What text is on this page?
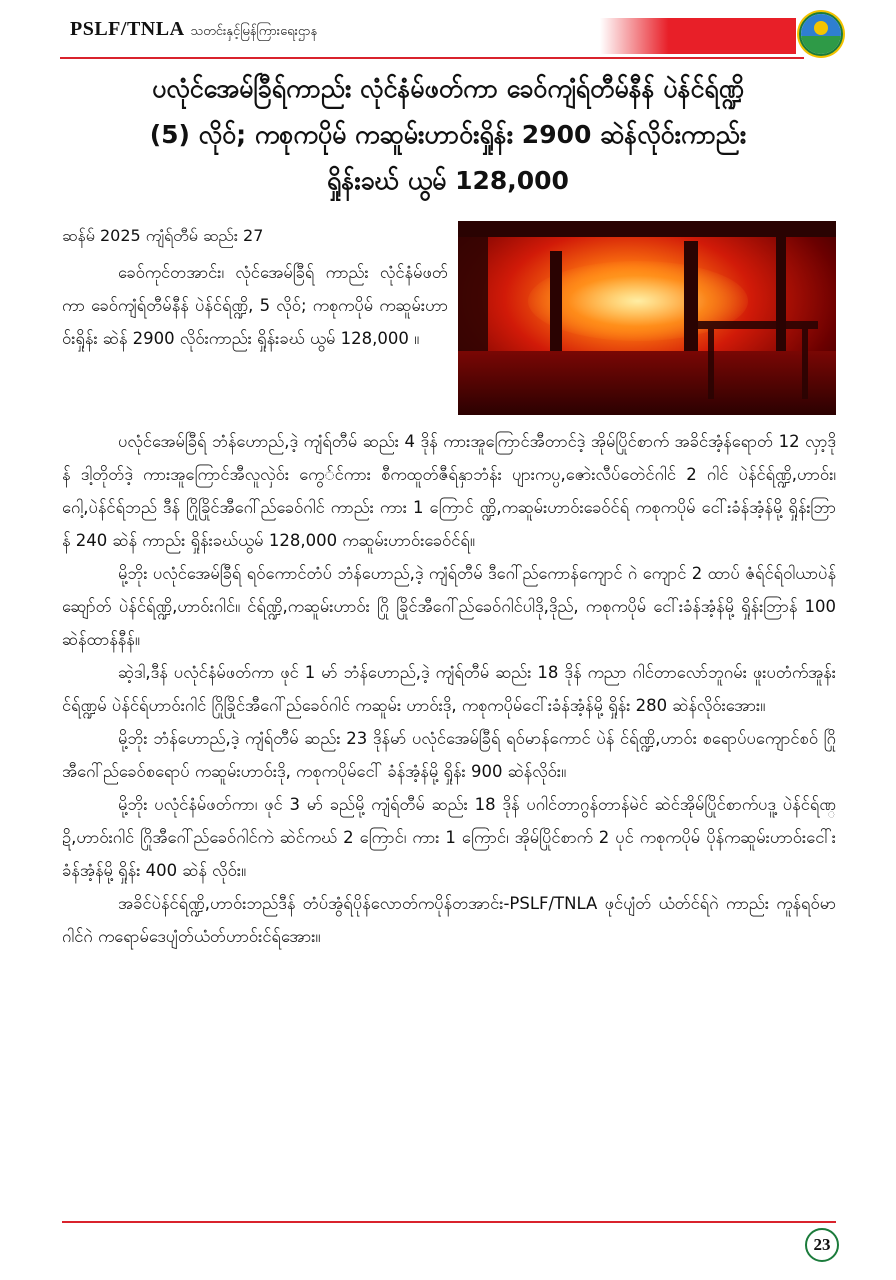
PSLF/TNLA သတင်းနှင့်မြန်ကြားရေးဌာန
ပလုံင်အေမ်ခြီရ်ကာည်း လုံင်နံမ်ဖတ်ကာ ခေဝ်ကျံရ်တီမ်နီန် ပဲန်င်ရ်ဏ္ဍိ
(5) လိုဝ်; ကစုကပိုမ် ကဆူမ်းဟာဝ်းရှိုန်း 2900 ဆဲန်လိုဝ်းကာည်း
ရှိုန်းခဃ် ယွမ် 128,000
ဆန်မ် 2025 ကျံရ်တီမ် ဆည်း 27
ခေဝ်ကုင်တအာင်း၊ လုံင်အေမ်ခြီရ် ကာည်း လုံင်နံမ်ဖတ်ကာ ခေဝ်ကျံရ်တီမ်နီန် ပဲန်င်ရ်ဏ္ဍိ, 5 လိုဝ်; ကစုကပိုမ် ကဆူမ်းဟာဝ်းရှိုန်း ဆဲန် 2900 လိုဝ်းကာည်း ရှိုန်းခဃ် ယွမ် 128,000 ။

ပလုံင်အေမ်ခြီရ် ဘံန်ဟောည်,ဒဲ့ ကျံရ်တီမ် ဆည်း 4 ဒိုန် ကားအူကြောင်အီတာင်ဒဲ့ အိုမ်ပြိုင်စာက် အခိင်အံ့န်ရောတ် 12 လှာ့ဒိုန် ဒါ့တိုတ်ဒဲ့ ကားအူကြောင်အီလူလှဲဝ်း ကွေ်င်ကား စီကထူတ်ဇီရ်နှာဘံန်း ပျားကပ္ပ,ဇောဲးလီပ်တေဲင်ဂါင် 2 ဂါင် ပဲန်င်ရ်ဏ္ဍိ,ဟာဝ်း၊ ဂေါ့,ပဲန်င်ရ်ဘည် ဒီန် ဂြိုခြိုင်အီဂေါ်ည်ခေဝ်ဂါင် ကာည်း ကား 1 ကြောင် ဏ္ဍိ,ကဆူမ်းဟာဝ်းခေဝ်င်ရ် ကစုကပိုမ် ငေါ်းခံန်အံ့န်မို့ ရှိုန်းဘြာန် 240 ဆဲန် ကာည်း ရှိုန်းခဃ်ယွမ် 128,000 ကဆူမ်းဟာဝ်းခေဝ်င်ရ်။

မို့ဘိုး ပလုံင်အေမ်ခြီရ် ရဝ်ကောင်တံပ် ဘံန်ဟောည်,ဒဲ့ ကျံရ်တီမ် ဒီဂေါ်ည်ကောန်ကျောင် ဂဲ ကျောင် 2 ထာပ် ဇံရ်င်ရ်ဝါယာပဲန်ဆျော်တ် ပဲန်င်ရ်ဏ္ဍိ,ဟာဝ်းဂါင်။ င်ရ်ဏ္ဍိ,ကဆူမ်းဟာဝ်း ဂြို ခြိုင်အီဂေါ်ည်ခေဝ်ဂါင်ပါဒို,ဒိုည်, ကစုကပိုမ် ငေါ်းခံန်အံ့န်မို့ ရှိုန်းဘြာန် 100 ဆဲန်ထာန်နီန်။

ဆဲ့ဒါ,ဒီန် ပလုံင်နံမ်ဖတ်ကာ ဖုင် 1 မာ် ဘံန်ဟောည်,ဒဲ့ ကျံရ်တီမ် ဆည်း 18 ဒိုန် ကညာ ဂါင်တာလော်ဘူဂမ်း ဖူးပတံက်အူန်းင်ရ်ဏ္ဍမ် ပဲန်င်ရ်ဟာဝ်းဂါင် ဂြိုခြိုင်အီဂေါ်ည်ခေဝ်ဂါင် ကဆူမ်း ဟာဝ်းဒို, ကစုကပိုမ်ငေါ်းခံန်အံ့န်မို့ ရှိုန်း 280 ဆဲန်လိုဝ်းအေား။

မို့ဘိုး ဘံန်ဟောည်,ဒဲ့ ကျံရ်တီမ် ဆည်း 23 ဒိုန်မာ် ပလုံင်အေမ်ခြီရ် ရဝ်မာန်ကောင် ပဲန် င်ရ်ဏ္ဍိ,ဟာဝ်း စရောပ်ပကျောင်စဝ် ဂြိုအီဂေါ်ည်ခေဝ်စရောပ် ကဆူမ်းဟာဝ်းဒို, ကစုကပိုမ်ငေါ် ခံန်အံ့န်မို့ ရှိုန်း 900 ဆဲန်လိုဝ်း။

မို့ဘိုး ပလုံင်နံမ်ဖတ်ကာ၊ ဖုင် 3 မာ် ခည်မို့ ကျံရ်တီမ် ဆည်း 18 ဒိုန် ပဂါင်တာဂွန်တာန်မဲင် ဆဲင်အိုမ်ပြိုင်စာက်ပဒူ့ ပဲန်င်ရ်ဏ္ဍိ,ဟာဝ်းဂါင် ဂြိုအီဂေါ်ည်ခေဝ်ဂါင်ကဲ ဆဲင်ကဃ် 2 ကြောင်၊ ကား 1 ကြောင်၊ အိုမ်ပြိုင်စာက် 2 ပုင် ကစုကပိုမ် ပိုန်ကဆူမ်းဟာဝ်းငေါ်းခံန်အံ့န်မို့ ရှိုန်း 400 ဆဲန် လိုဝ်း။

အခိင်ပဲန်င်ရ်ဏ္ဍိ,ဟာဝ်းဘည်ဒီန် တံပ်အွံရ်ပိုန်လောတ်ကပိုန်တအာင်း-PSLF/TNLA ဖုင်ပျံတ် ယံတ်င်ရ်ဂဲ ကာည်း ကူန်ရဝ်မာဂါင်ဂဲ ကရောမ်ဒေပျံတ်ယံတ်ဟာဝ်းင်ရ်အေား။

23
